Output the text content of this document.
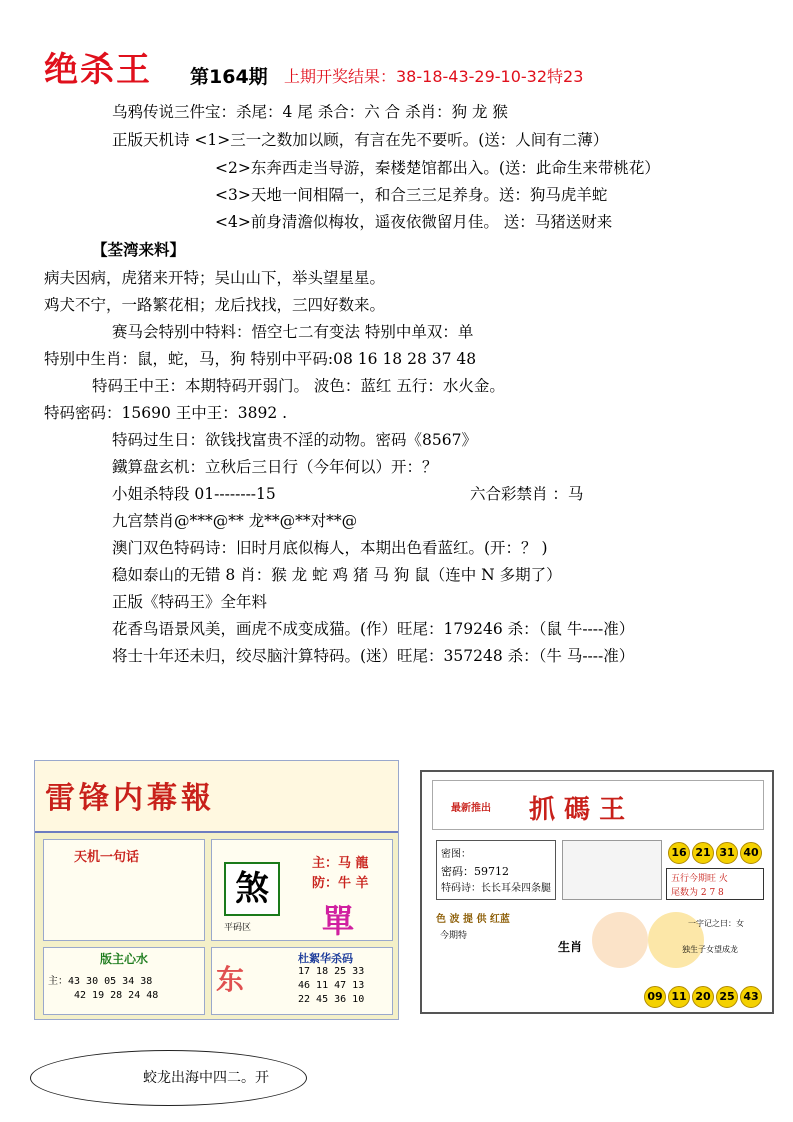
绝杀王 第164期 上期开奖结果：38-18-43-29-10-32特23
乌鸦传说三件宝：杀尾：4 尾 杀合：六 合 杀肖：狗 龙 猴
正版天机诗 <1>三一之数加以顾，有言在先不要听。(送：人间有二薄）
<2>东奔西走当导游，秦楼楚馆都出入。(送：此命生来带桃花）
<3>天地一间相隔一，和合三三足养身。送：狗马虎羊蛇
<4>前身清澹似梅妆，遥夜依微留月佳。 送：马猪送财来
【荃湾来料】
病夫因病，虎猪来开特；吴山山下，举头望星星。
鸡犬不宁，一路繁花相；龙后找找，三四好数来。
赛马会特别中特料：悟空七二有变法 特别中单双：单
特别中生肖：鼠，蛇，马，狗 特别中平码:08 16 18 28 37 48
特码王中王：本期特码开弱门。 波色：蓝红 五行：水火金。
特码密码：15690 王中王：3892 .
特码过生日：欲钱找富贵不淫的动物。密码《8567》
鐵算盘玄机：立秋后三日行（今年何以）开：？
小姐杀特段 01--------15	六合彩禁肖 ：马
九宫禁肖@***@** 龙**@**对**@
澳门双色特码诗：旧时月底似梅人，本期出色看蓝红。(开：？ )
稳如泰山的无错 8 肖：猴 龙 蛇 鸡 猪 马 狗 鼠（连中 N 多期了）
正版《特码王》全年料
花香鸟语景风美，画虎不成变成猫。(作）旺尾：179246 杀：（鼠 牛----准）
将士十年还未归，绞尽脑汁算特码。(迷）旺尾：357248 杀：（牛 马----准）
雷锋内幕報
天机一句话
版主心水
主：43 30 05 34 38
42 19 28 24 48
煞
主：马 龍
防：牛 羊
單
平码区
东
杜絮华杀码
17 18 25 33
46 11 47 13
22 45 36 10
最新推出 抓 碼 王
密图：
密码：59712
特码诗：长长耳朵四条腿
16 21 31 40
五行今期旺 火
尾数为 2 7 8
色 波 提 供 红蓝
今期特
生肖
一字记之曰：女
独生子女望成龙
09 11 20 25 43
蛟龙出海中四二。开
